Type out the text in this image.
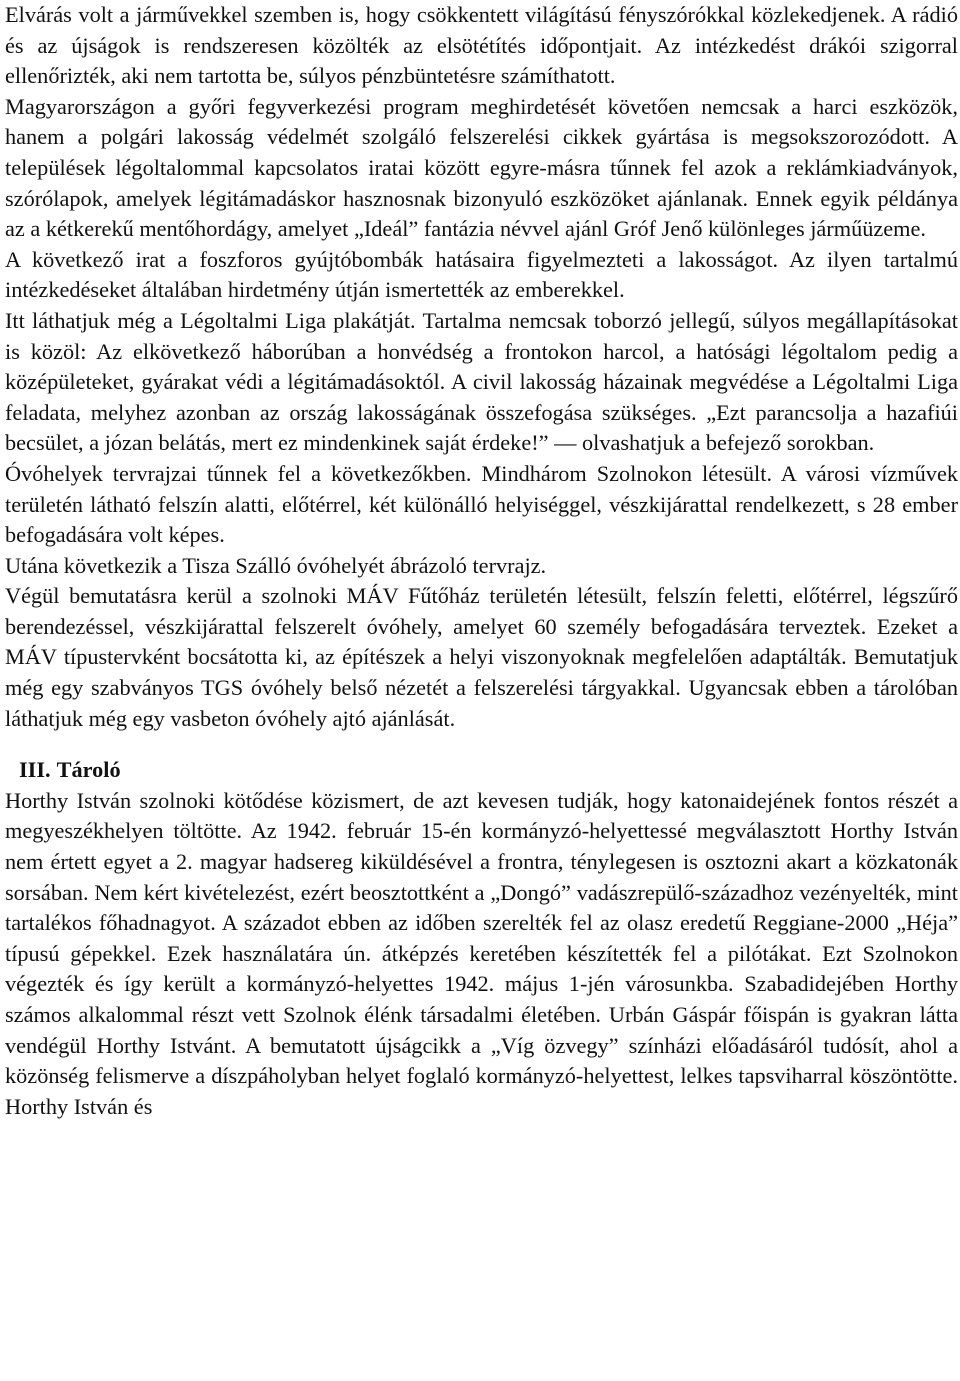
Elvárás volt a járművekkel szemben is, hogy csökkentett világítású fényszórókkal közlekedjenek. A rádió és az újságok is rendszeresen közölték az elsötétítés időpontjait. Az intézkedést drákói szigorral ellenőrizték, aki nem tartotta be, súlyos pénzbüntetésre számíthatott.

Magyarországon a győri fegyverkezési program meghirdetését követően nemcsak a harci eszközök, hanem a polgári lakosság védelmét szolgáló felszerelési cikkek gyártása is megsokszorozódott. A települések légoltalommal kapcsolatos iratai között egyre-másra tűnnek fel azok a reklámkiadványok, szórólapok, amelyek légitámadáskor hasznosnak bizonyuló eszközöket ajánlanak. Ennek egyik példánya az a kétkerekű mentőhordágy, amelyet „Ideál” fantázia névvel ajánl Gróf Jenő különleges járműüzeme.

A következő irat a foszforos gyújtóbombák hatásaira figyelmezteti a lakosságot. Az ilyen tartalmú intézkedéseket általában hirdetmény útján ismertették az emberekkel.

Itt láthatjuk még a Légoltalmi Liga plakátját. Tartalma nemcsak toborzó jellegű, súlyos megállapításokat is közöl: Az elkövetkező háborúban a honvédség a frontokon harcol, a hatósági légoltalom pedig a középületeket, gyárakat védi a légitámadásoktól. A civil lakosság házainak megvédése a Légoltalmi Liga feladata, melyhez azonban az ország lakosságának összefogása szükséges. „Ezt parancsolja a hazafiúi becsület, a józan belátás, mert ez mindenkinek saját érdeke!” — olvashatjuk a befejező sorokban.

Óvóhelyek tervrajzai tűnnek fel a következőkben. Mindhárom Szolnokon létesült. A városi vízművek területén látható felszín alatti, előtérrel, két különálló helyiséggel, vészkijárattal rendelkezett, s 28 ember befogadására volt képes.

Utána következik a Tisza Szálló óvóhelyét ábrázoló tervrajz.

Végül bemutatásra kerül a szolnoki MÁV Fűtőház területén létesült, felszín feletti, előtérrel, légszűrő berendezéssel, vészkijárattal felszerelt óvóhely, amelyet 60 személy befogadására terveztek. Ezeket a MÁV típustervként bocsátotta ki, az építészek a helyi viszonyoknak megfelelően adaptálták. Bemutatjuk még egy szabványos TGS óvóhely belső nézetét a felszerelési tárgyakkal. Ugyancsak ebben a tárolóban láthatjuk még egy vasbeton óvóhely ajtó ajánlását.

III. Tároló

Horthy István szolnoki kötődése közismert, de azt kevesen tudják, hogy katonaidejének fontos részét a megyeszékhelyen töltötte. Az 1942. február 15-én kormányzó-helyettessé megválasztott Horthy István nem értett egyet a 2. magyar hadsereg kiküldésével a frontra, ténylegesen is osztozni akart a közkatonák sorsában. Nem kért kivételezést, ezért beosztottként a „Dongó” vadászrepülő-századhoz vezényelték, mint tartalékos főhadnagyot. A századot ebben az időben szerelték fel az olasz eredetű Reggiane-2000 „Héja” típusú gépekkel. Ezek használatára ún. átképzés keretében készítették fel a pilótákat. Ezt Szolnokon végezték és így került a kormányzó-helyettes 1942. május 1-jén városunkba. Szabadidejében Horthy számos alkalommal részt vett Szolnok élénk társadalmi életében. Urbán Gáspár főispán is gyakran látta vendégül Horthy Istvánt. A bemutatott újságcikk a „Víg özvegy” színházi előadásáról tudósít, ahol a közönség felismerve a díszpáholyban helyet foglaló kormányzó-helyettest, lelkes tapsviharral köszöntötte. Horthy István és
